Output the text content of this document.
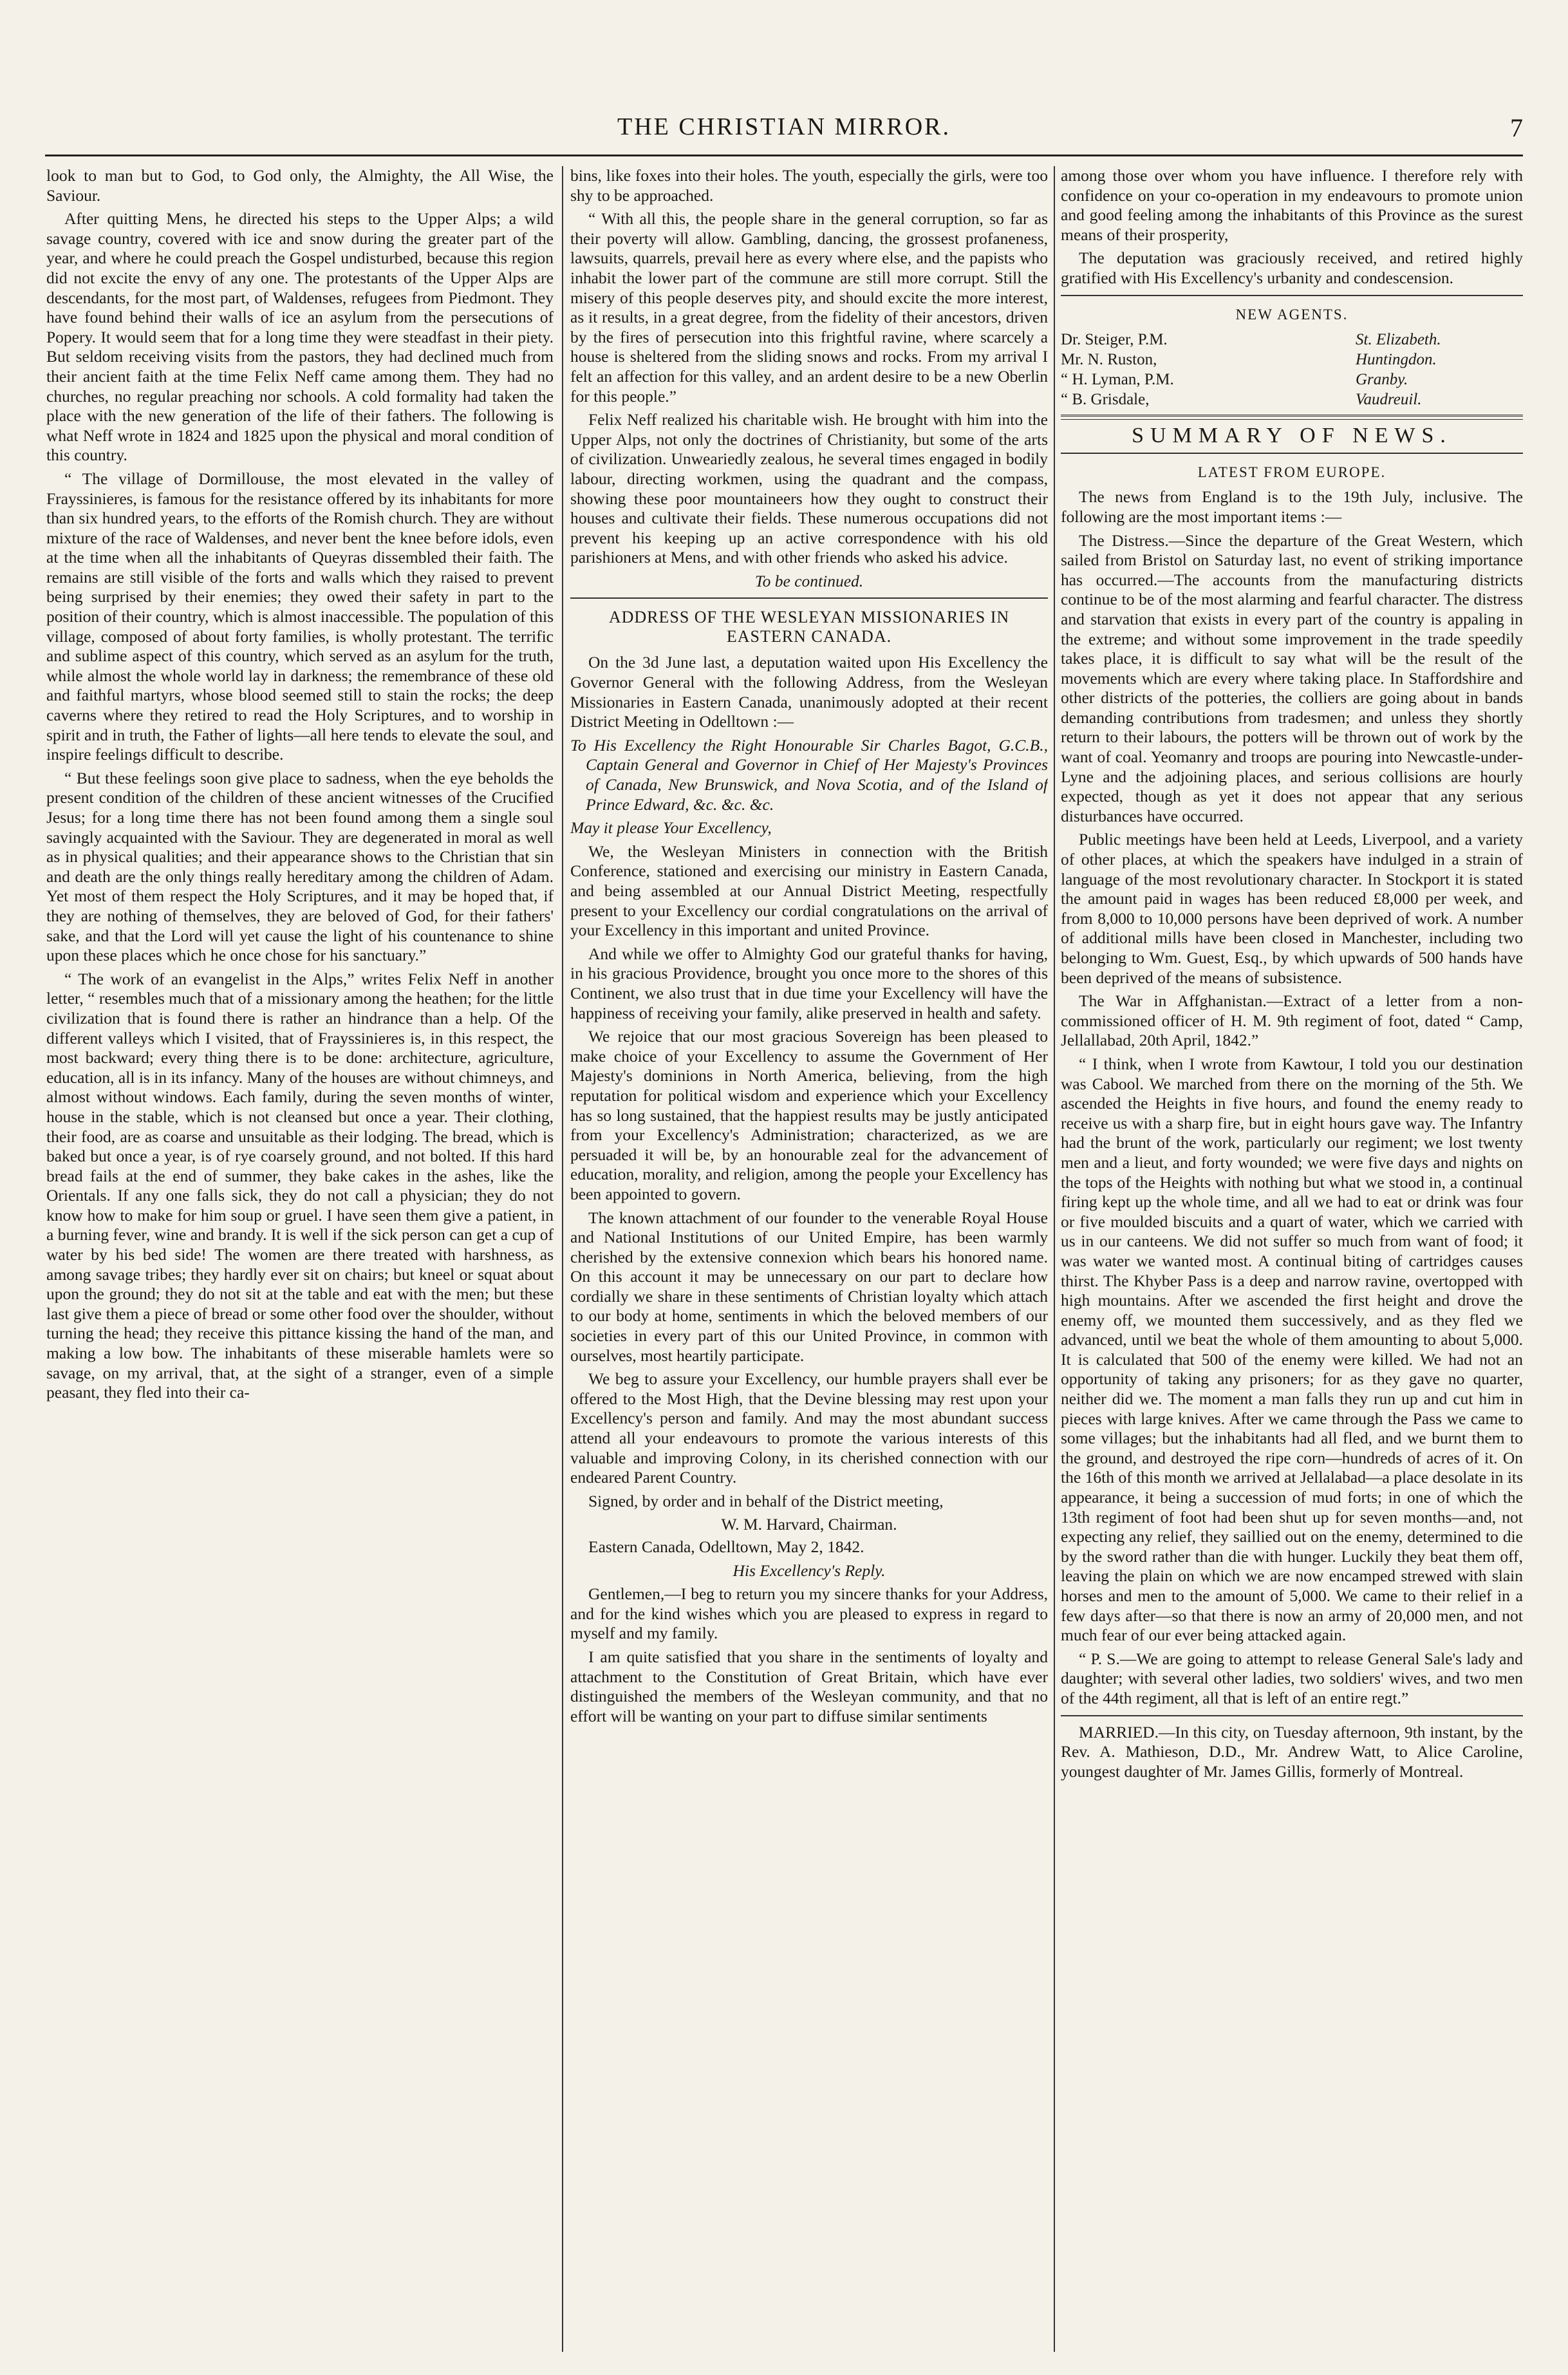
THE CHRISTIAN MIRROR.	7

look to man but to God, to God only, the Almighty, the All Wise, the Saviour.

After quitting Mens, he directed his steps to the Upper Alps; a wild savage country, covered with ice and snow during the greater part of the year, and where he could preach the Gospel undisturbed, because this region did not excite the envy of any one. The protestants of the Upper Alps are descendants, for the most part, of Waldenses, refugees from Piedmont. They have found behind their walls of ice an asylum from the persecutions of Popery. It would seem that for a long time they were steadfast in their piety. But seldom receiving visits from the pastors, they had declined much from their ancient faith at the time Felix Neff came among them. They had no churches, no regular preaching nor schools. A cold formality had taken the place with the new generation of the life of their fathers. The following is what Neff wrote in 1824 and 1825 upon the physical and moral condition of this country.

“ The village of Dormillouse, the most elevated in the valley of Frayssinieres, is famous for the resistance offered by its inhabitants for more than six hundred years, to the efforts of the Romish church. They are without mixture of the race of Waldenses, and never bent the knee before idols, even at the time when all the inhabitants of Queyras dissembled their faith. The remains are still visible of the forts and walls which they raised to prevent being surprised by their enemies; they owed their safety in part to the position of their country, which is almost inaccessible. The population of this village, composed of about forty families, is wholly protestant. The terrific and sublime aspect of this country, which served as an asylum for the truth, while almost the whole world lay in darkness; the remembrance of these old and faithful martyrs, whose blood seemed still to stain the rocks; the deep caverns where they retired to read the Holy Scriptures, and to worship in spirit and in truth, the Father of lights—all here tends to elevate the soul, and inspire feelings difficult to describe.

“ But these feelings soon give place to sadness, when the eye beholds the present condition of the children of these ancient witnesses of the Crucified Jesus; for a long time there has not been found among them a single soul savingly acquainted with the Saviour. They are degenerated in moral as well as in physical qualities; and their appearance shows to the Christian that sin and death are the only things really hereditary among the children of Adam. Yet most of them respect the Holy Scriptures, and it may be hoped that, if they are nothing of themselves, they are beloved of God, for their fathers' sake, and that the Lord will yet cause the light of his countenance to shine upon these places which he once chose for his sanctuary.”

“ The work of an evangelist in the Alps,” writes Felix Neff in another letter, “ resembles much that of a missionary among the heathen; for the little civilization that is found there is rather an hindrance than a help. Of the different valleys which I visited, that of Frayssinieres is, in this respect, the most backward; every thing there is to be done: architecture, agriculture, education, all is in its infancy. Many of the houses are without chimneys, and almost without windows. Each family, during the seven months of winter, house in the stable, which is not cleansed but once a year. Their clothing, their food, are as coarse and unsuitable as their lodging. The bread, which is baked but once a year, is of rye coarsely ground, and not bolted. If this hard bread fails at the end of summer, they bake cakes in the ashes, like the Orientals. If any one falls sick, they do not call a physician; they do not know how to make for him soup or gruel. I have seen them give a patient, in a burning fever, wine and brandy. It is well if the sick person can get a cup of water by his bed side! The women are there treated with harshness, as among savage tribes; they hardly ever sit on chairs; but kneel or squat about upon the ground; they do not sit at the table and eat with the men; but these last give them a piece of bread or some other food over the shoulder, without turning the head; they receive this pittance kissing the hand of the man, and making a low bow. The inhabitants of these miserable hamlets were so savage, on my arrival, that, at the sight of a stranger, even of a simple peasant, they fled into their ca-

bins, like foxes into their holes. The youth, especially the girls, were too shy to be approached.

“ With all this, the people share in the general corruption, so far as their poverty will allow. Gambling, dancing, the grossest profaneness, lawsuits, quarrels, prevail here as every where else, and the papists who inhabit the lower part of the commune are still more corrupt. Still the misery of this people deserves pity, and should excite the more interest, as it results, in a great degree, from the fidelity of their ancestors, driven by the fires of persecution into this frightful ravine, where scarcely a house is sheltered from the sliding snows and rocks. From my arrival I felt an affection for this valley, and an ardent desire to be a new Oberlin for this people.”

Felix Neff realized his charitable wish. He brought with him into the Upper Alps, not only the doctrines of Christianity, but some of the arts of civilization. Unweariedly zealous, he several times engaged in bodily labour, directing workmen, using the quadrant and the compass, showing these poor mountaineers how they ought to construct their houses and cultivate their fields. These numerous occupations did not prevent his keeping up an active correspondence with his old parishioners at Mens, and with other friends who asked his advice.

To be continued.

ADDRESS OF THE WESLEYAN MISSIONARIES IN EASTERN CANADA.

On the 3d June last, a deputation waited upon His Excellency the Governor General with the following Address, from the Wesleyan Missionaries in Eastern Canada, unanimously adopted at their recent District Meeting in Odelltown :—

To His Excellency the Right Honourable Sir Charles Bagot, G.C.B., Captain General and Governor in Chief of Her Majesty's Provinces of Canada, New Brunswick, and Nova Scotia, and of the Island of Prince Edward, &c. &c. &c.

May it please Your Excellency,

We, the Wesleyan Ministers in connection with the British Conference, stationed and exercising our ministry in Eastern Canada, and being assembled at our Annual District Meeting, respectfully present to your Excellency our cordial congratulations on the arrival of your Excellency in this important and united Province.

And while we offer to Almighty God our grateful thanks for having, in his gracious Providence, brought you once more to the shores of this Continent, we also trust that in due time your Excellency will have the happiness of receiving your family, alike preserved in health and safety.

We rejoice that our most gracious Sovereign has been pleased to make choice of your Excellency to assume the Government of Her Majesty's dominions in North America, believing, from the high reputation for political wisdom and experience which your Excellency has so long sustained, that the happiest results may be justly anticipated from your Excellency's Administration; characterized, as we are persuaded it will be, by an honourable zeal for the advancement of education, morality, and religion, among the people your Excellency has been appointed to govern.

The known attachment of our founder to the venerable Royal House and National Institutions of our United Empire, has been warmly cherished by the extensive connexion which bears his honored name. On this account it may be unnecessary on our part to declare how cordially we share in these sentiments of Christian loyalty which attach to our body at home, sentiments in which the beloved members of our societies in every part of this our United Province, in common with ourselves, most heartily participate.

We beg to assure your Excellency, our humble prayers shall ever be offered to the Most High, that the Devine blessing may rest upon your Excellency's person and family. And may the most abundant success attend all your endeavours to promote the various interests of this valuable and improving Colony, in its cherished connection with our endeared Parent Country.

Signed, by order and in behalf of the District meeting,

W. M. Harvard, Chairman.

Eastern Canada, Odelltown, May 2, 1842.

His Excellency's Reply.

Gentlemen,—I beg to return you my sincere thanks for your Address, and for the kind wishes which you are pleased to express in regard to myself and my family.

I am quite satisfied that you share in the sentiments of loyalty and attachment to the Constitution of Great Britain, which have ever distinguished the members of the Wesleyan community, and that no effort will be wanting on your part to diffuse similar sentiments

among those over whom you have influence. I therefore rely with confidence on your co-operation in my endeavours to promote union and good feeling among the inhabitants of this Province as the surest means of their prosperity,

The deputation was graciously received, and retired highly gratified with His Excellency's urbanity and condescension.

NEW AGENTS.
Dr. Steiger, P.M.	St. Elizabeth.
Mr. N. Ruston,	Huntingdon.
“ H. Lyman, P.M.	Granby.
“ B. Grisdale,	Vaudreuil.
SUMMARY OF NEWS.
LATEST FROM EUROPE.

The news from England is to the 19th July, inclusive. The following are the most important items :—

The Distress.—Since the departure of the Great Western, which sailed from Bristol on Saturday last, no event of striking importance has occurred.—The accounts from the manufacturing districts continue to be of the most alarming and fearful character. The distress and starvation that exists in every part of the country is appaling in the extreme; and without some improvement in the trade speedily takes place, it is difficult to say what will be the result of the movements which are every where taking place. In Staffordshire and other districts of the potteries, the colliers are going about in bands demanding contributions from tradesmen; and unless they shortly return to their labours, the potters will be thrown out of work by the want of coal. Yeomanry and troops are pouring into Newcastle-under-Lyne and the adjoining places, and serious collisions are hourly expected, though as yet it does not appear that any serious disturbances have occurred.

Public meetings have been held at Leeds, Liverpool, and a variety of other places, at which the speakers have indulged in a strain of language of the most revolutionary character. In Stockport it is stated the amount paid in wages has been reduced £8,000 per week, and from 8,000 to 10,000 persons have been deprived of work. A number of additional mills have been closed in Manchester, including two belonging to Wm. Guest, Esq., by which upwards of 500 hands have been deprived of the means of subsistence.

The War in Affghanistan.—Extract of a letter from a non-commissioned officer of H. M. 9th regiment of foot, dated “ Camp, Jellallabad, 20th April, 1842.”

“ I think, when I wrote from Kawtour, I told you our destination was Cabool. We marched from there on the morning of the 5th. We ascended the Heights in five hours, and found the enemy ready to receive us with a sharp fire, but in eight hours gave way. The Infantry had the brunt of the work, particularly our regiment; we lost twenty men and a lieut, and forty wounded; we were five days and nights on the tops of the Heights with nothing but what we stood in, a continual firing kept up the whole time, and all we had to eat or drink was four or five moulded biscuits and a quart of water, which we carried with us in our canteens. We did not suffer so much from want of food; it was water we wanted most. A continual biting of cartridges causes thirst. The Khyber Pass is a deep and narrow ravine, overtopped with high mountains. After we ascended the first height and drove the enemy off, we mounted them successively, and as they fled we advanced, until we beat the whole of them amounting to about 5,000. It is calculated that 500 of the enemy were killed. We had not an opportunity of taking any prisoners; for as they gave no quarter, neither did we. The moment a man falls they run up and cut him in pieces with large knives. After we came through the Pass we came to some villages; but the inhabitants had all fled, and we burnt them to the ground, and destroyed the ripe corn—hundreds of acres of it. On the 16th of this month we arrived at Jellalabad—a place desolate in its appearance, it being a succession of mud forts; in one of which the 13th regiment of foot had been shut up for seven months—and, not expecting any relief, they saillied out on the enemy, determined to die by the sword rather than die with hunger. Luckily they beat them off, leaving the plain on which we are now encamped strewed with slain horses and men to the amount of 5,000. We came to their relief in a few days after—so that there is now an army of 20,000 men, and not much fear of our ever being attacked again.

“ P. S.—We are going to attempt to release General Sale's lady and daughter; with several other ladies, two soldiers' wives, and two men of the 44th regiment, all that is left of an entire regt.”

MARRIED.—In this city, on Tuesday afternoon, 9th instant, by the Rev. A. Mathieson, D.D., Mr. Andrew Watt, to Alice Caroline, youngest daughter of Mr. James Gillis, formerly of Montreal.
